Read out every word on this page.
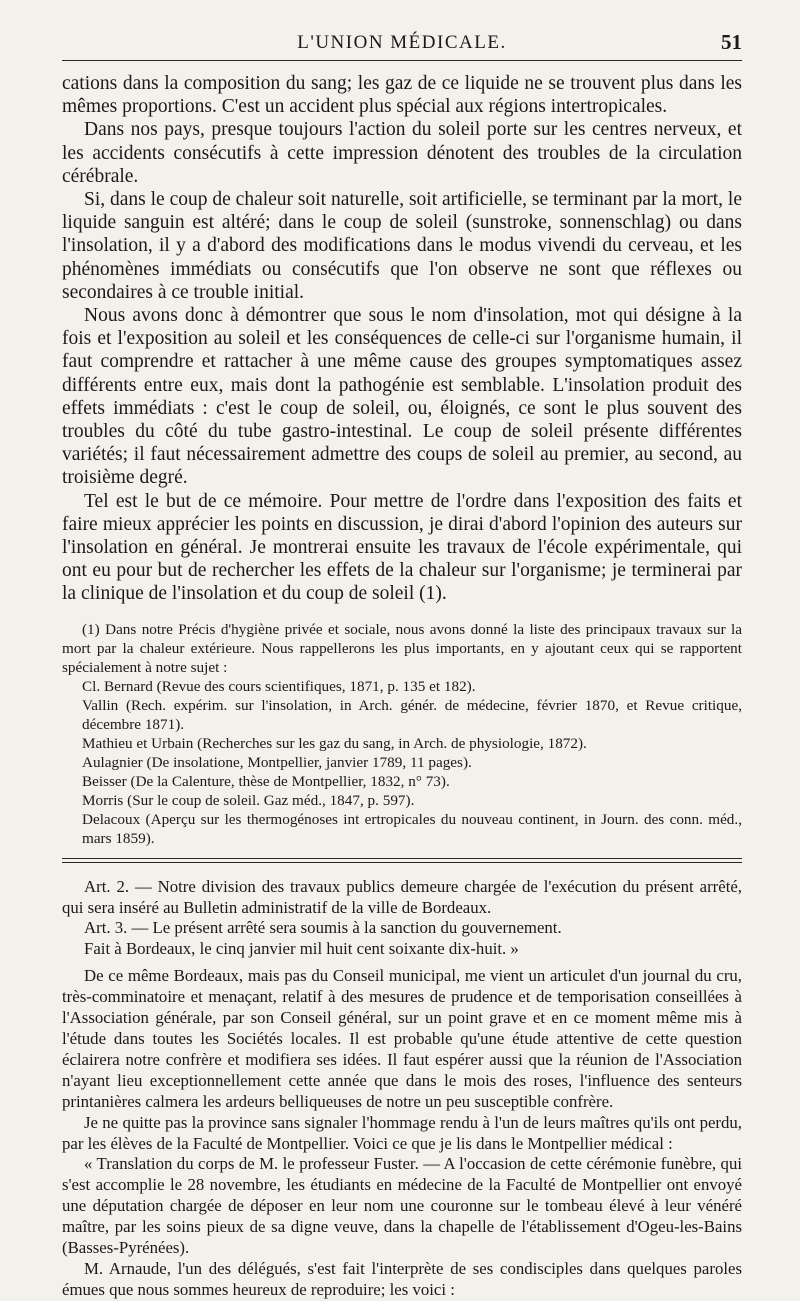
L'UNION MÉDICALE.	51

cations dans la composition du sang; les gaz de ce liquide ne se trouvent plus dans les mêmes proportions. C'est un accident plus spécial aux régions intertropicales.

Dans nos pays, presque toujours l'action du soleil porte sur les centres nerveux, et les accidents consécutifs à cette impression dénotent des troubles de la circulation cérébrale.

Si, dans le coup de chaleur soit naturelle, soit artificielle, se terminant par la mort, le liquide sanguin est altéré; dans le coup de soleil (sunstroke, sonnenschlag) ou dans l'insolation, il y a d'abord des modifications dans le modus vivendi du cerveau, et les phénomènes immédiats ou consécutifs que l'on observe ne sont que réflexes ou secondaires à ce trouble initial.

Nous avons donc à démontrer que sous le nom d'insolation, mot qui désigne à la fois et l'exposition au soleil et les conséquences de celle-ci sur l'organisme humain, il faut comprendre et rattacher à une même cause des groupes symptomatiques assez différents entre eux, mais dont la pathogénie est semblable. L'insolation produit des effets immédiats : c'est le coup de soleil, ou, éloignés, ce sont le plus souvent des troubles du côté du tube gastro-intestinal. Le coup de soleil présente différentes variétés; il faut nécessairement admettre des coups de soleil au premier, au second, au troisième degré.

Tel est le but de ce mémoire. Pour mettre de l'ordre dans l'exposition des faits et faire mieux apprécier les points en discussion, je dirai d'abord l'opinion des auteurs sur l'insolation en général. Je montrerai ensuite les travaux de l'école expérimentale, qui ont eu pour but de rechercher les effets de la chaleur sur l'organisme; je terminerai par la clinique de l'insolation et du coup de soleil (1).

(1) Dans notre Précis d'hygiène privée et sociale, nous avons donné la liste des principaux travaux sur la mort par la chaleur extérieure. Nous rappellerons les plus importants, en y ajoutant ceux qui se rapportent spécialement à notre sujet :

Cl. Bernard (Revue des cours scientifiques, 1871, p. 135 et 182).

Vallin (Rech. expérim. sur l'insolation, in Arch. génér. de médecine, février 1870, et Revue critique, décembre 1871).

Mathieu et Urbain (Recherches sur les gaz du sang, in Arch. de physiologie, 1872).

Aulagnier (De insolatione, Montpellier, janvier 1789, 11 pages).

Beisser (De la Calenture, thèse de Montpellier, 1832, n° 73).

Morris (Sur le coup de soleil. Gaz méd., 1847, p. 597).

Delacoux (Aperçu sur les thermogénoses int ertropicales du nouveau continent, in Journ. des conn. méd., mars 1859).

Art. 2. — Notre division des travaux publics demeure chargée de l'exécution du présent arrêté, qui sera inséré au Bulletin administratif de la ville de Bordeaux.

Art. 3. — Le présent arrêté sera soumis à la sanction du gouvernement.

Fait à Bordeaux, le cinq janvier mil huit cent soixante dix-huit. »

De ce même Bordeaux, mais pas du Conseil municipal, me vient un articulet d'un journal du cru, très-comminatoire et menaçant, relatif à des mesures de prudence et de temporisation conseillées à l'Association générale, par son Conseil général, sur un point grave et en ce moment même mis à l'étude dans toutes les Sociétés locales. Il est probable qu'une étude attentive de cette question éclairera notre confrère et modifiera ses idées. Il faut espérer aussi que la réunion de l'Association n'ayant lieu exceptionnellement cette année que dans le mois des roses, l'influence des senteurs printanières calmera les ardeurs belliqueuses de notre un peu susceptible confrère.

Je ne quitte pas la province sans signaler l'hommage rendu à l'un de leurs maîtres qu'ils ont perdu, par les élèves de la Faculté de Montpellier. Voici ce que je lis dans le Montpellier médical :

« Translation du corps de M. le professeur Fuster. — A l'occasion de cette cérémonie funèbre, qui s'est accomplie le 28 novembre, les étudiants en médecine de la Faculté de Montpellier ont envoyé une députation chargée de déposer en leur nom une couronne sur le tombeau élevé à leur vénéré maître, par les soins pieux de sa digne veuve, dans la chapelle de l'établissement d'Ogeu-les-Bains (Basses-Pyrénées).

M. Arnaude, l'un des délégués, s'est fait l'interprète de ses condisciples dans quelques paroles émues que nous sommes heureux de reproduire; les voici :
